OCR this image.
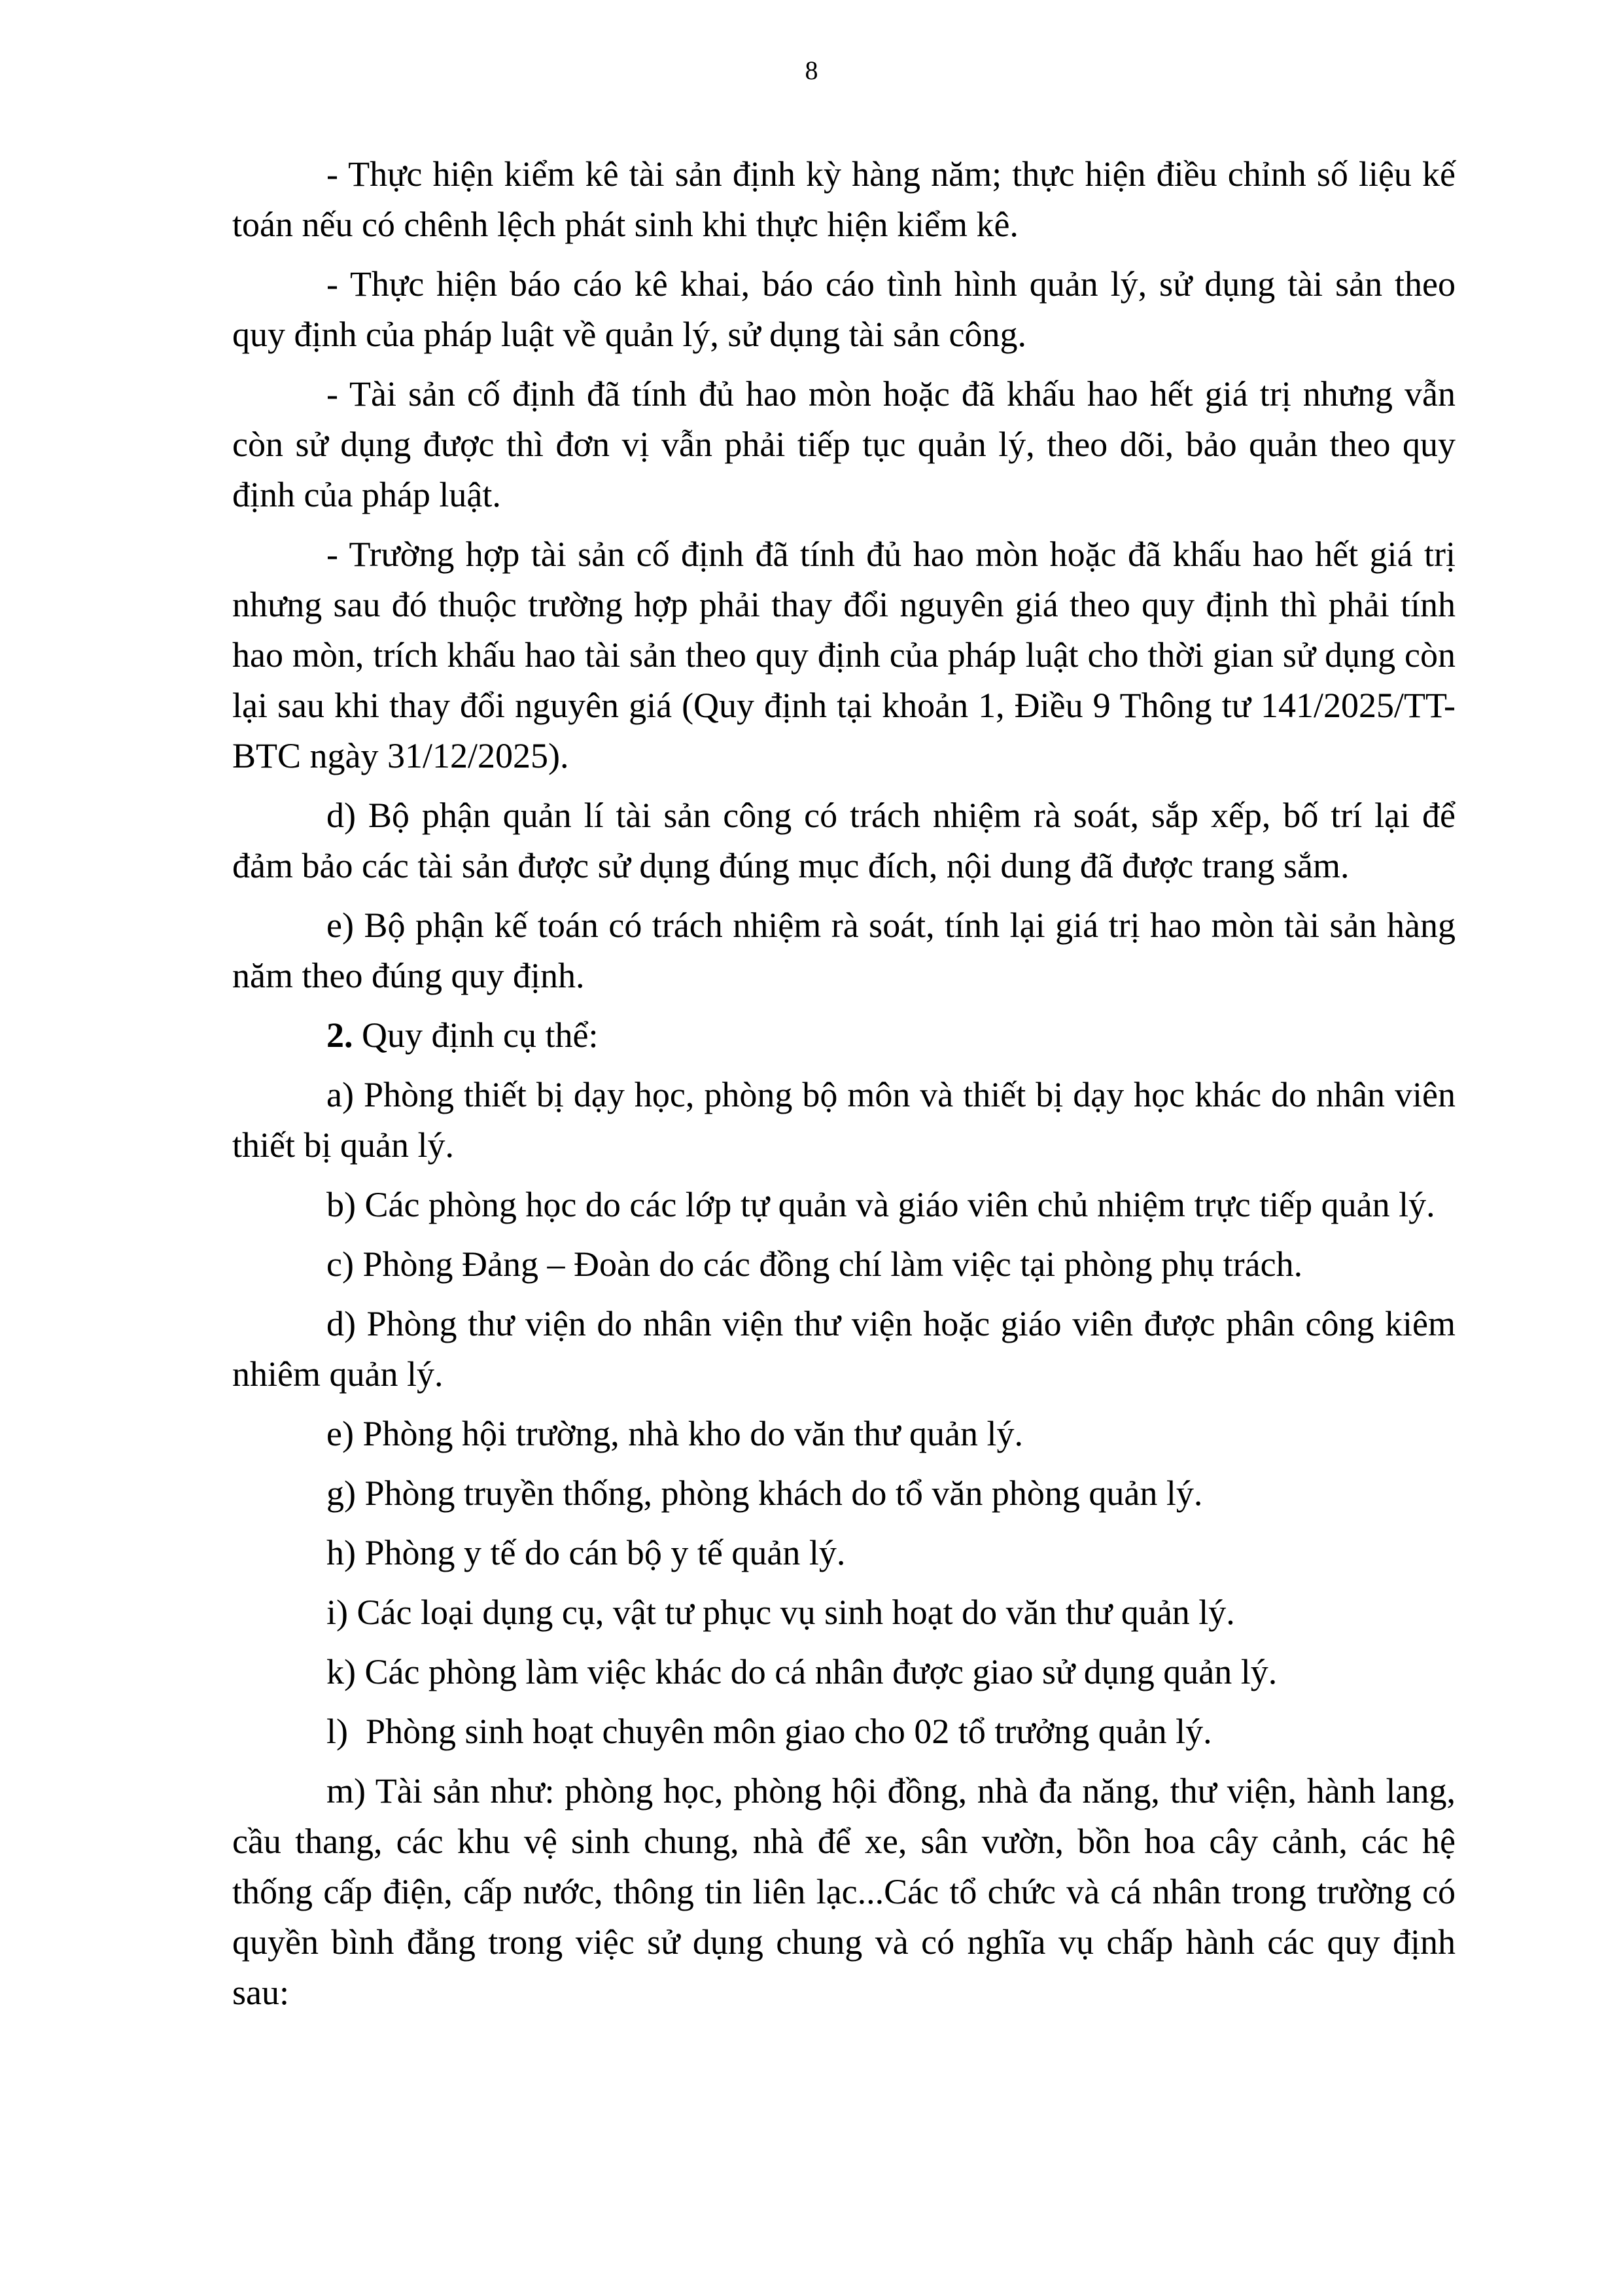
8

- Thực hiện kiểm kê tài sản định kỳ hàng năm; thực hiện điều chỉnh số liệu kế toán nếu có chênh lệch phát sinh khi thực hiện kiểm kê.

- Thực hiện báo cáo kê khai, báo cáo tình hình quản lý, sử dụng tài sản theo quy định của pháp luật về quản lý, sử dụng tài sản công.

- Tài sản cố định đã tính đủ hao mòn hoặc đã khấu hao hết giá trị nhưng vẫn còn sử dụng được thì đơn vị vẫn phải tiếp tục quản lý, theo dõi, bảo quản theo quy định của pháp luật.

- Trường hợp tài sản cố định đã tính đủ hao mòn hoặc đã khấu hao hết giá trị nhưng sau đó thuộc trường hợp phải thay đổi nguyên giá theo quy định thì phải tính hao mòn, trích khấu hao tài sản theo quy định của pháp luật cho thời gian sử dụng còn lại sau khi thay đổi nguyên giá (Quy định tại khoản 1, Điều 9 Thông tư 141/2025/TT-BTC ngày 31/12/2025).

d) Bộ phận quản lí tài sản công có trách nhiệm rà soát, sắp xếp, bố trí lại để đảm bảo các tài sản được sử dụng đúng mục đích, nội dung đã được trang sắm.

e) Bộ phận kế toán có trách nhiệm rà soát, tính lại giá trị hao mòn tài sản hàng năm theo đúng quy định.

2. Quy định cụ thể:

a) Phòng thiết bị dạy học, phòng bộ môn và thiết bị dạy học khác do nhân viên thiết bị quản lý.

b) Các phòng học do các lớp tự quản và giáo viên chủ nhiệm trực tiếp quản lý.

c) Phòng Đảng – Đoàn do các đồng chí làm việc tại phòng phụ trách.

d) Phòng thư viện do nhân viện thư viện hoặc giáo viên được phân công kiêm nhiêm quản lý.

e) Phòng hội trường, nhà kho do văn thư quản lý.

g) Phòng truyền thống, phòng khách do tổ văn phòng quản lý.

h) Phòng y tế do cán bộ y tế quản lý.

i) Các loại dụng cụ, vật tư phục vụ sinh hoạt do văn thư quản lý.

k) Các phòng làm việc khác do cá nhân được giao sử dụng quản lý.

l)  Phòng sinh hoạt chuyên môn giao cho 02 tổ trưởng quản lý.

m) Tài sản như: phòng học, phòng hội đồng, nhà đa năng, thư viện, hành lang, cầu thang, các khu vệ sinh chung, nhà để xe, sân vườn, bồn hoa cây cảnh, các hệ thống cấp điện, cấp nước, thông tin liên lạc...Các tổ chức và cá nhân trong trường có quyền bình đẳng trong việc sử dụng chung và có nghĩa vụ chấp hành các quy định sau:
